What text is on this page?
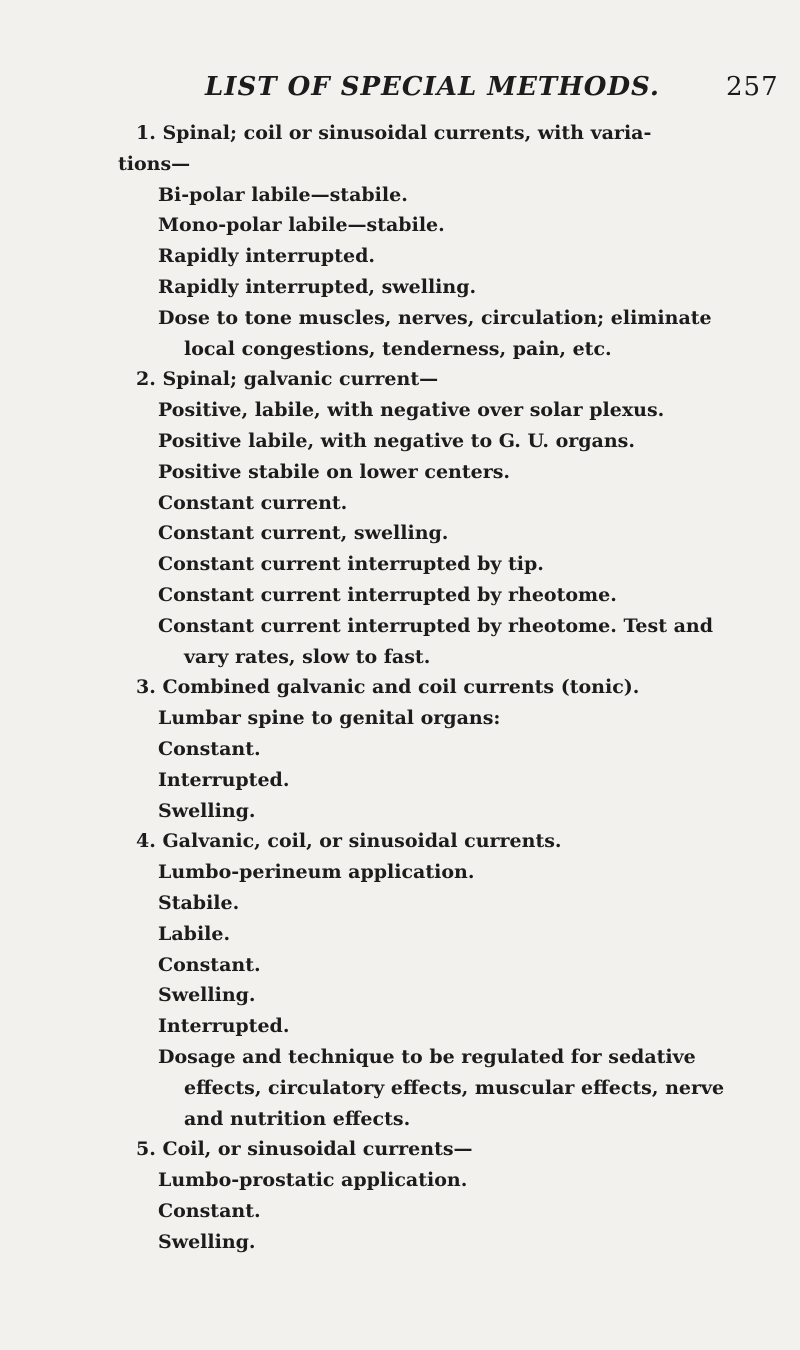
LIST OF SPECIAL METHODS.	257
1. Spinal; coil or sinusoidal currents, with varia-
tions—
Bi-polar labile—stabile.
Mono-polar labile—stabile.
Rapidly interrupted.
Rapidly interrupted, swelling.
Dose to tone muscles, nerves, circulation; eliminate
local congestions, tenderness, pain, etc.
2. Spinal; galvanic current—
Positive, labile, with negative over solar plexus.
Positive labile, with negative to G. U. organs.
Positive stabile on lower centers.
Constant current.
Constant current, swelling.
Constant current interrupted by tip.
Constant current interrupted by rheotome.
Constant current interrupted by rheotome. Test and
vary rates, slow to fast.
3. Combined galvanic and coil currents (tonic).
Lumbar spine to genital organs:
Constant.
Interrupted.
Swelling.
4. Galvanic, coil, or sinusoidal currents.
Lumbo-perineum application.
Stabile.
Labile.
Constant.
Swelling.
Interrupted.
Dosage and technique to be regulated for sedative
effects, circulatory effects, muscular effects, nerve
and nutrition effects.
5. Coil, or sinusoidal currents—
Lumbo-prostatic application.
Constant.
Swelling.
